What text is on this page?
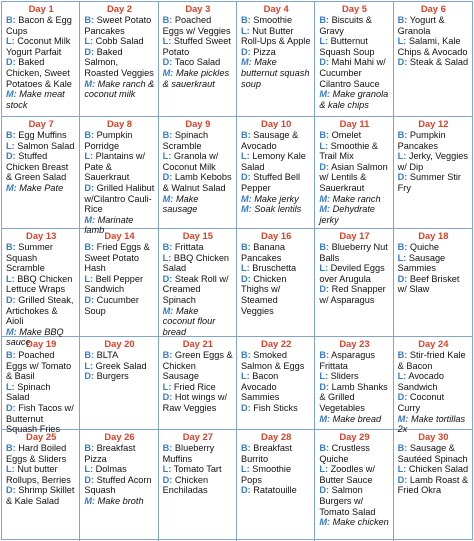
Day 1
B: Bacon & Egg Cups
L: Coconut Milk Yogurt Parfait
D: Baked Chicken, Sweet Potatoes & Kale
M: Make meat stock
Day 2
B: Sweet Potato Pancakes
L: Cobb Salad
D: Baked Salmon, Roasted Veggies
M: Make ranch & coconut milk
Day 3
B: Poached Eggs w/ Veggies
L: Stuffed Sweet Potato
D: Taco Salad
M: Make pickles & sauerkraut
Day 4
B: Smoothie
L: Nut Butter Roll-Ups & Apple
D: Pizza
M: Make butternut squash soup
Day 5
B: Biscuits & Gravy
L: Butternut Squash Soup
D: Mahi Mahi w/ Cucumber Cilantro Sauce
M: Make granola & kale chips
Day 6
B: Yogurt & Granola
L: Salami, Kale Chips & Avocado
D: Steak & Salad
Day 7
B: Egg Muffins
L: Salmon Salad
D: Stuffed Chicken Breast & Green Salad
M: Make Pate
Day 8
B: Pumpkin Porridge
L: Plantains w/ Pate & Sauerkraut
D: Grilled Halibut w/Cilantro Cauli- Rice
M: Marinate lamb
Day 9
B: Spinach Scramble
L: Granola w/ Coconut Milk
D: Lamb Kebobs & Walnut Salad
M: Make sausage
Day 10
B: Sausage & Avocado
L: Lemony Kale Salad
D: Stuffed Bell Pepper
M: Make jerky
M: Soak lentils
Day 11
B: Omelet
L: Smoothie & Trail Mix
D: Asian Salmon w/ Lentils & Sauerkraut
M: Make ranch
M: Dehydrate jerky
Day 12
B: Pumpkin Pancakes
L: Jerky, Veggies w/ Dip
D: Summer Stir Fry
Day 13
B: Summer Squash Scramble
L: BBQ Chicken Lettuce Wraps
D: Grilled Steak, Artichokes & Aioli
M: Make BBQ sauce
Day 14
B: Fried Eggs & Sweet Potato Hash
L: Bell Pepper Sandwich
D: Cucumber Soup
Day 15
B: Frittata
L: BBQ Chicken Salad
D: Steak Roll w/ Creamed Spinach
M: Make coconut flour bread
Day 16
B: Banana Pancakes
L: Bruschetta
D: Chicken Thighs w/ Steamed Veggies
Day 17
B: Blueberry Nut Balls
L: Deviled Eggs over Arugula
D: Red Snapper w/ Asparagus
Day 18
B: Quiche
L: Sausage Sammies
D: Beef Brisket w/ Slaw
Day 19
B: Poached Eggs w/ Tomato & Basil
L: Spinach Salad
D: Fish Tacos w/ Butternut Squash Fries
Day 20
B: BLTA
L: Greek Salad
D: Burgers
Day 21
B: Green Eggs & Chicken Sausage
L: Fried Rice
D: Hot wings w/ Raw Veggies
Day 22
B: Smoked Salmon & Eggs
L: Bacon Avocado Sammies
D: Fish Sticks
Day 23
B: Asparagus Frittata
L: Sliders
D: Lamb Shanks & Grilled Vegetables
M: Make bread
Day 24
B: Stir-fried Kale & Bacon
L: Avocado Sandwich
D: Coconut Curry
M: Make tortillas 2x
Day 25
B: Hard Boiled Eggs & Sliders
L: Nut butter Rollups, Berries
D: Shrimp Skillet & Kale Salad
Day 26
B: Breakfast Pizza
L: Dolmas
D: Stuffed Acorn Squash
M: Make broth
Day 27
B: Blueberry Muffins
L: Tomato Tart
D: Chicken Enchiladas
Day 28
B: Breakfast Burrito
L: Smoothie Pops
D: Ratatouille
Day 29
B: Crustless Quiche
L: Zoodles w/ Butter Sauce
D: Salmon Burgers w/ Tomato Salad
M: Make chicken
Day 30
B: Sausage & Sautéed Spinach
L: Chicken Salad
D: Lamb Roast & Fried Okra
